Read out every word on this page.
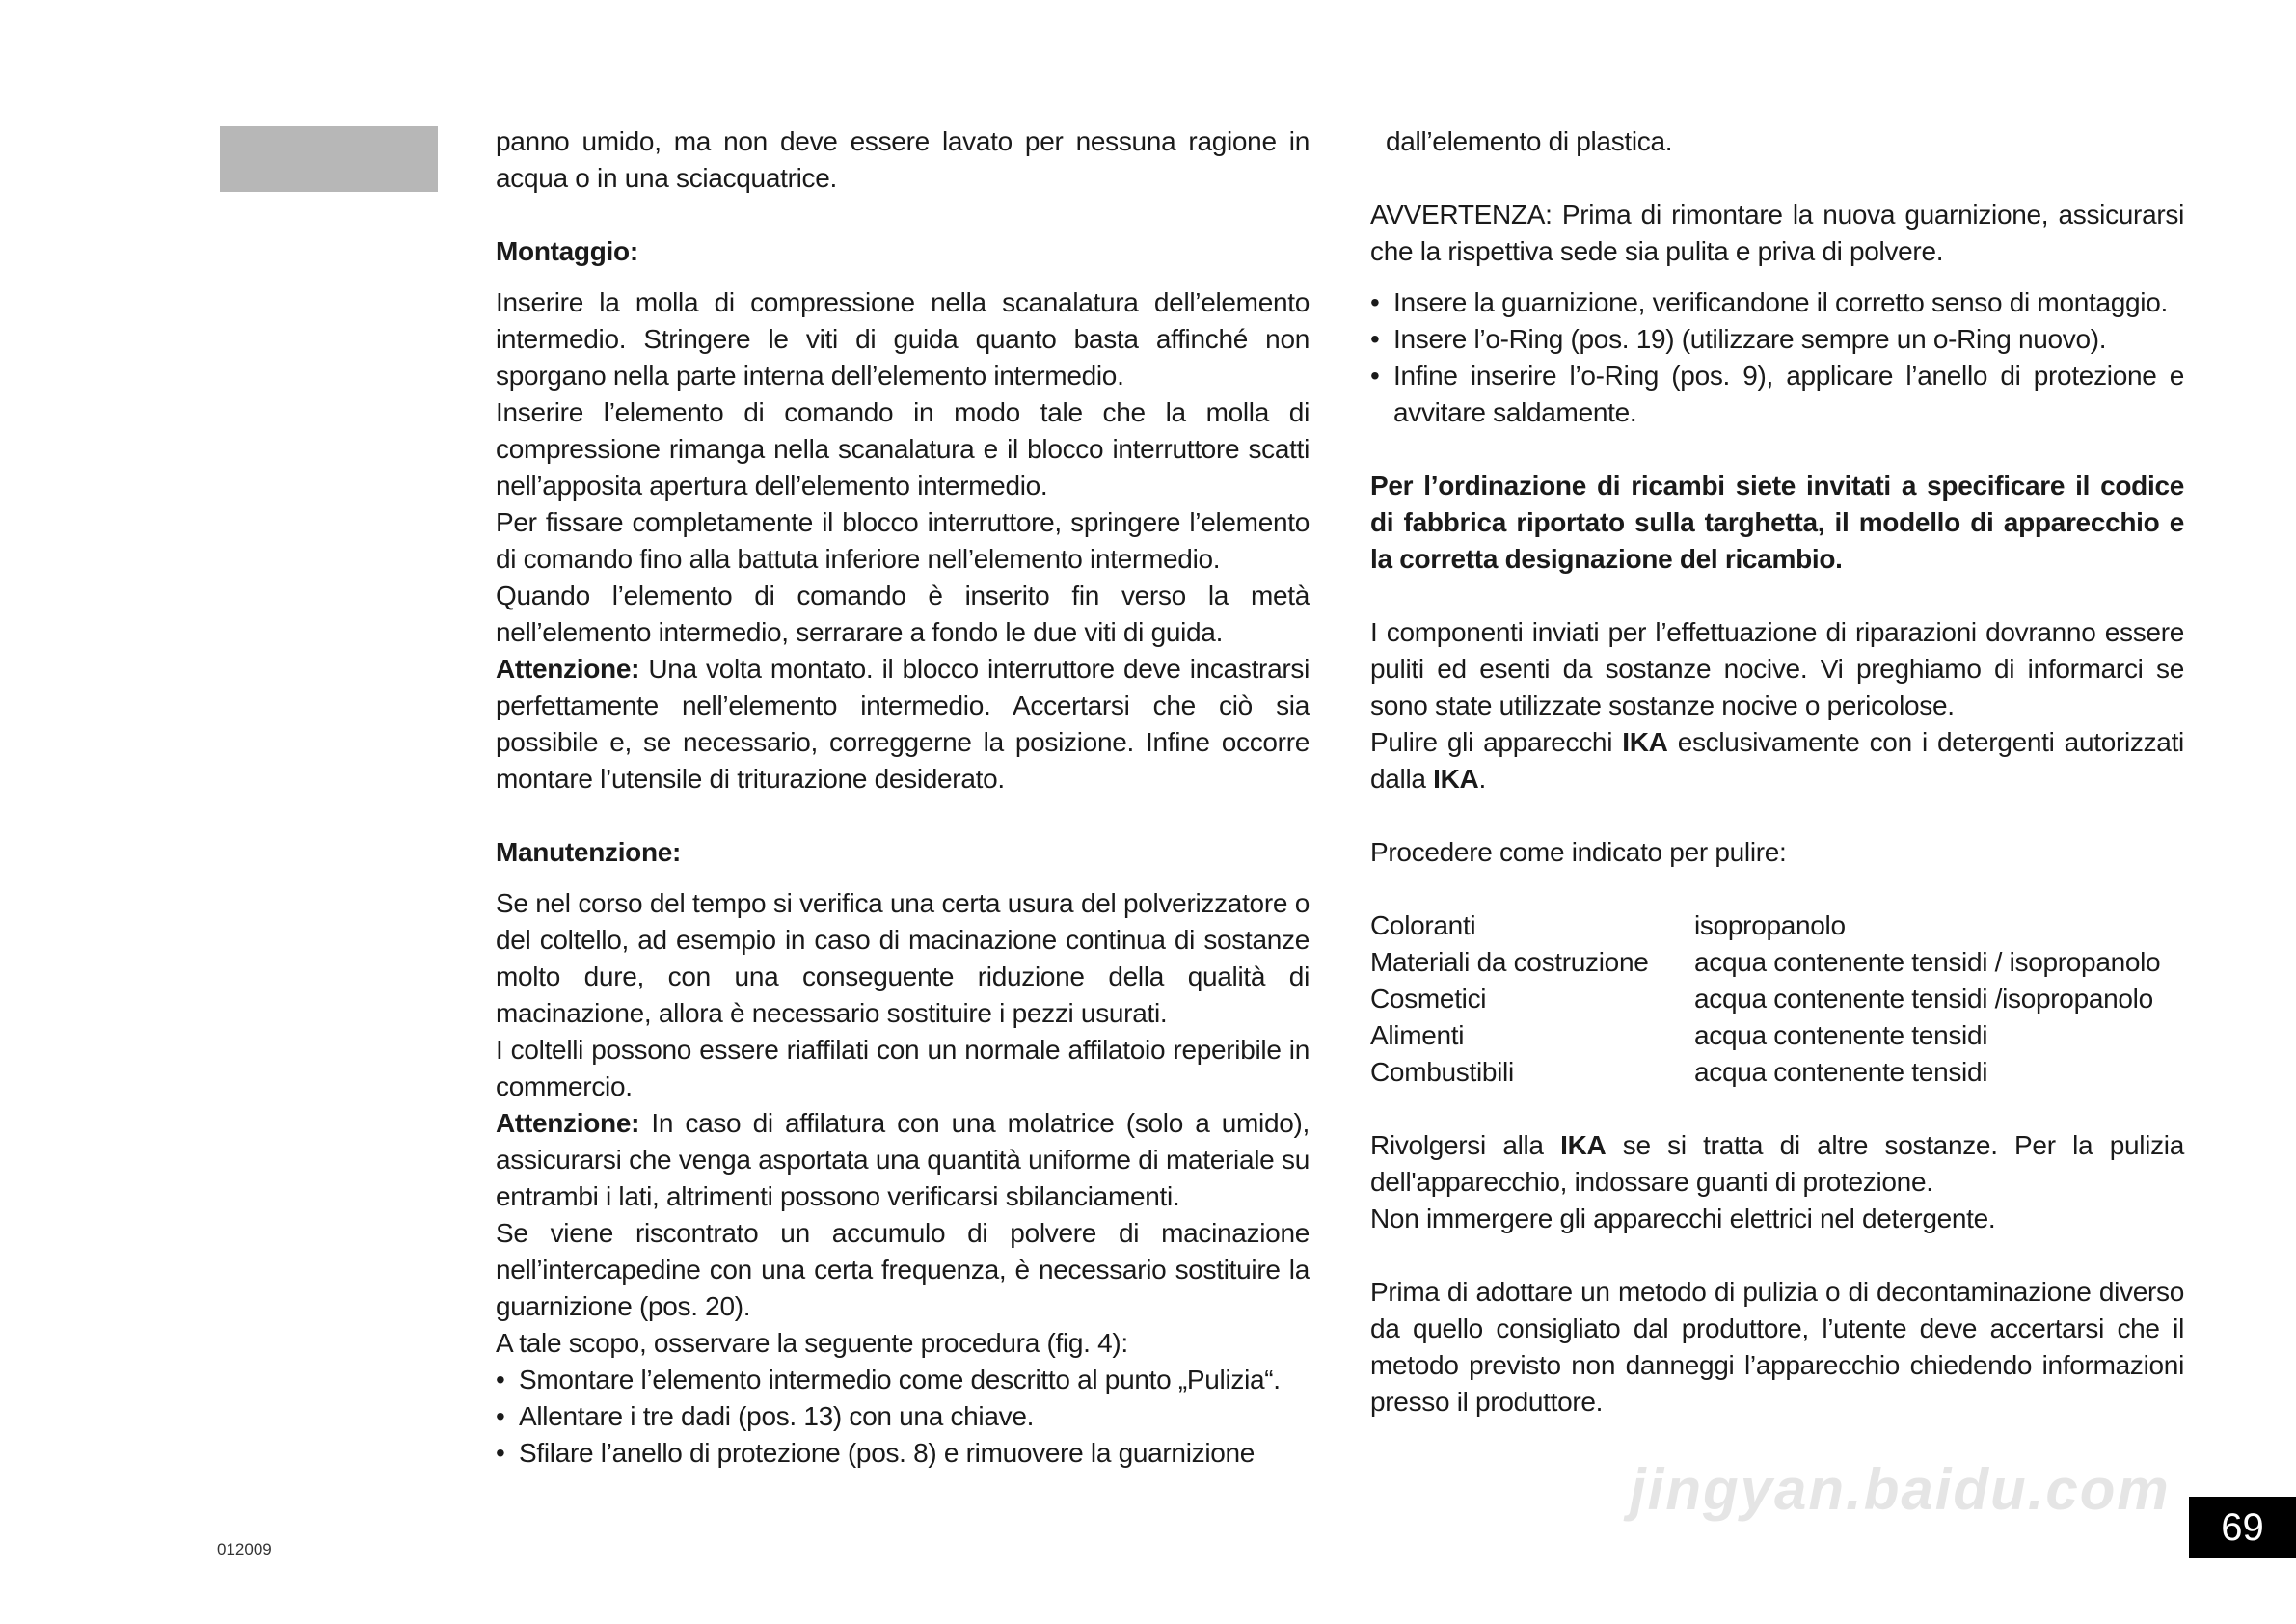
panno umido, ma non deve essere lavato per nessuna ragione in acqua o in una sciacquatrice.

Montaggio:

Inserire la molla di compressione nella scanalatura dell’elemento intermedio. Stringere le viti di guida quanto basta affinché non sporgano nella parte interna dell’elemento intermedio.

Inserire l’elemento di comando in modo tale che la molla di compressione rimanga nella scanalatura e il blocco interruttore scatti nell’apposita apertura dell’elemento intermedio.

Per fissare completamente il blocco interruttore, springere l’elemento di comando fino alla battuta inferiore nell’elemento intermedio.

Quando l’elemento di comando è inserito fin verso la metà nell’elemento intermedio, serrarare a fondo le due viti di guida.

Attenzione: Una volta montato. il blocco interruttore deve incastrarsi perfettamente nell’elemento intermedio. Accertarsi che ciò sia possibile e, se necessario, correggerne la posizione. Infine occorre montare l’utensile di triturazione desiderato.

Manutenzione:

Se nel corso del tempo si verifica una certa usura del polverizzatore o del coltello, ad esempio in caso di macinazione continua di sostanze molto dure, con una conseguente riduzione della qualità di macinazione, allora è necessario sostituire i pezzi usurati.

I coltelli possono essere riaffilati con un normale affilatoio reperibile in commercio.

Attenzione: In caso di affilatura con una molatrice (solo a umido), assicurarsi che venga asportata una quantità uniforme di materiale su entrambi i lati, altrimenti possono verificarsi sbilanciamenti.

Se viene riscontrato un accumulo di polvere di macinazione nell’intercapedine con una certa frequenza, è necessario sostituire la guarnizione (pos. 20).

A tale scopo, osservare la seguente procedura (fig. 4):

• Smontare l’elemento intermedio come descritto al punto „Pulizia“.

• Allentare i tre dadi (pos. 13) con una chiave.

• Sfilare l’anello di protezione (pos. 8) e rimuovere la guarnizione

dall’elemento di plastica.

AVVERTENZA: Prima di rimontare la nuova guarnizione, assicurarsi che la rispettiva sede sia pulita e priva di polvere.

• Insere la guarnizione, verificandone il corretto senso di montaggio.

• Insere l’o-Ring (pos. 19) (utilizzare sempre un o-Ring nuovo).

• Infine inserire l’o-Ring (pos. 9), applicare l’anello di protezione e avvitare saldamente.

Per l’ordinazione di ricambi siete invitati a specificare il codice di fabbrica riportato sulla targhetta, il modello di apparecchio e la corretta designazione del ricambio.

I componenti inviati per l’effettuazione di riparazioni dovranno essere puliti ed esenti da sostanze nocive. Vi preghiamo di informarci se sono state utilizzate sostanze nocive o pericolose.

Pulire gli apparecchi IKA esclusivamente con i detergenti autorizzati dalla IKA.

Procedere come indicato per pulire:

Coloranti	isopropanolo
Materiali da costruzione	acqua contenente tensidi / isopropanolo
Cosmetici	acqua contenente tensidi /isopropanolo
Alimenti	acqua contenente tensidi
Combustibili	acqua contenente tensidi

Rivolgersi alla IKA se si tratta di altre sostanze. Per la pulizia dell'apparecchio, indossare guanti di protezione.

Non immergere gli apparecchi elettrici nel detergente.

Prima di adottare un metodo di pulizia o di decontaminazione diverso da quello consigliato dal produttore, l’utente deve accertarsi che il metodo previsto non danneggi l’apparecchio chiedendo informazioni presso il produttore.

jingyan.baidu.com
012009
69
